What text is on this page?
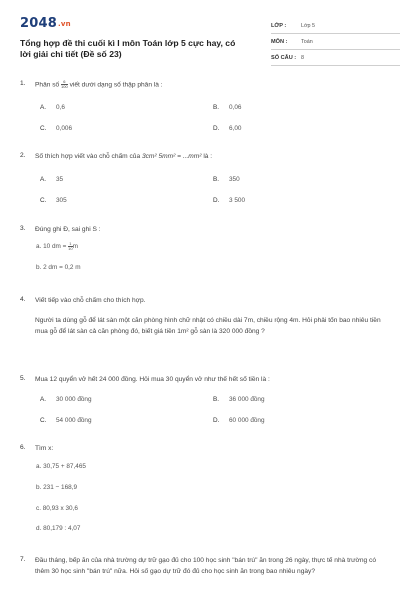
2048.vn
Tổng hợp đề thi cuối kì I môn Toán lớp 5 cực hay, có lời giải chi tiết (Đề số 23)
LỚP :	Lớp 5
MÔN :	Toán
SỐ CÂU : 8
1.	Phân số $\frac{6}{100}$ viết dưới dạng số thập phân là :
A. 0,6	B. 0,06
C. 0,006	D. 6,00
2.	Số thích hợp viết vào chỗ chấm của 3cm² 5mm² = ...mm² là :
A. 35	B. 350
C. 305	D. 3 500
3.	Đúng ghi Đ, sai ghi S :
a. 10 dm = $\frac{1}{10}$ m
b. 2 dm = 0,2 m
4.	Viết tiếp vào chỗ chấm cho thích hợp.
Người ta dùng gỗ để lát sàn một căn phòng hình chữ nhật có chiều dài 7m, chiều rộng 4m. Hỏi phải tốn bao nhiêu tiền mua gỗ để lát sàn cả căn phòng đó, biết giá tiền 1m² gỗ sàn là 320 000 đồng ?
5.	Mua 12 quyển vở hết 24 000 đồng. Hỏi mua 30 quyển vở như thế hết số tiền là :
A. 30 000 đồng	B. 36 000 đồng
C. 54 000 đồng	D. 60 000 đồng
6.	Tìm x:
a. 30,75 + 87,465
b. 231 − 168,9
c. 80,93 x 30,6
d. 80,179 : 4,07
7.	Đầu tháng, bếp ăn của nhà trường dự trữ gạo đủ cho 100 học sinh "bán trú" ăn trong 26 ngày, thực tế nhà trường có thêm 30 học sinh "bán trú" nữa. Hỏi số gạo dự trữ đó đủ cho học sinh ăn trong bao nhiêu ngày?
